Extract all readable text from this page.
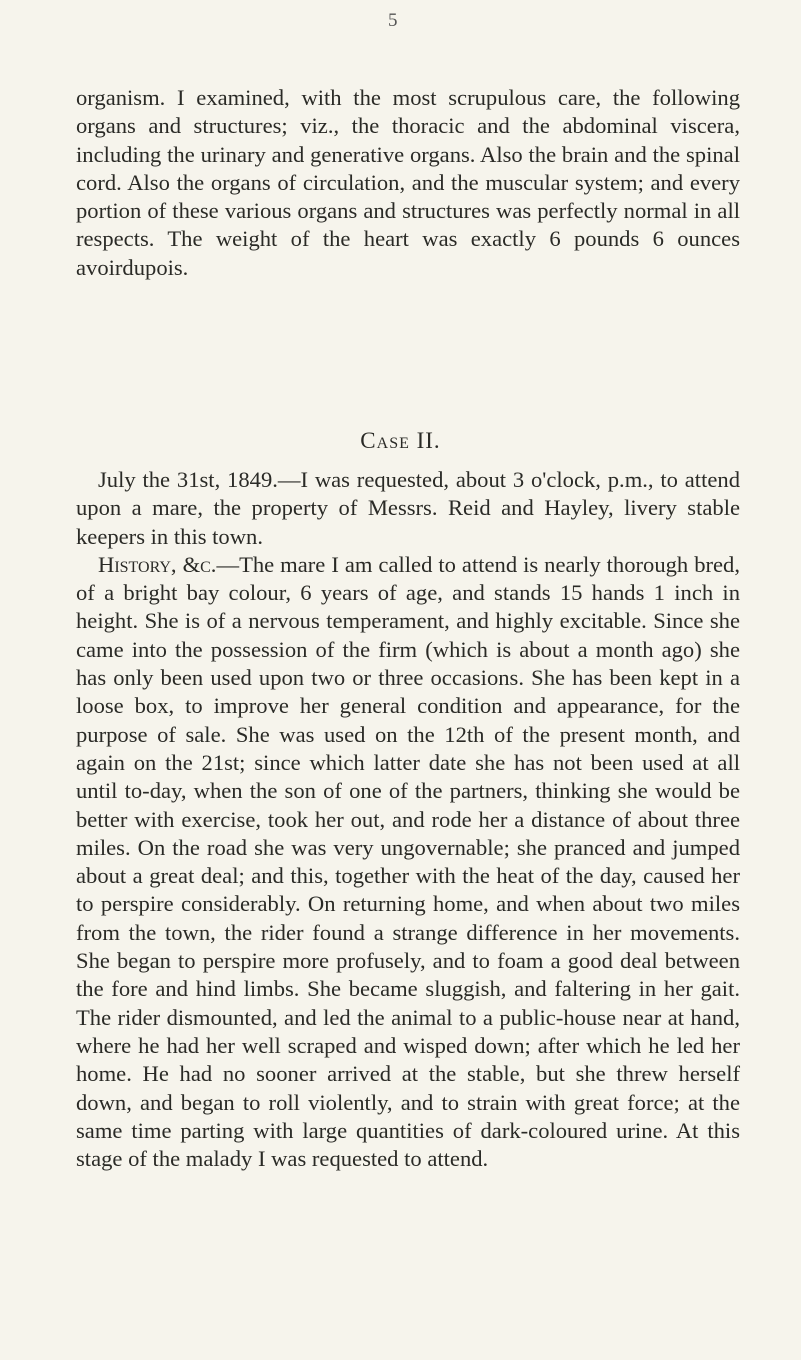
5

organism. I examined, with the most scrupulous care, the following organs and structures; viz., the thoracic and the abdominal viscera, including the urinary and generative organs. Also the brain and the spinal cord. Also the organs of circulation, and the muscular system; and every portion of these various organs and structures was perfectly normal in all respects. The weight of the heart was exactly 6 pounds 6 ounces avoirdupois.

Case II.

July the 31st, 1849.—I was requested, about 3 o'clock, p.m., to attend upon a mare, the property of Messrs. Reid and Hayley, livery stable keepers in this town.

History, &c.—The mare I am called to attend is nearly thorough bred, of a bright bay colour, 6 years of age, and stands 15 hands 1 inch in height. She is of a nervous temperament, and highly excitable. Since she came into the possession of the firm (which is about a month ago) she has only been used upon two or three occasions. She has been kept in a loose box, to improve her general condition and appearance, for the purpose of sale. She was used on the 12th of the present month, and again on the 21st; since which latter date she has not been used at all until to-day, when the son of one of the partners, thinking she would be better with exercise, took her out, and rode her a distance of about three miles. On the road she was very ungovernable; she pranced and jumped about a great deal; and this, together with the heat of the day, caused her to perspire considerably. On returning home, and when about two miles from the town, the rider found a strange difference in her movements. She began to perspire more profusely, and to foam a good deal between the fore and hind limbs. She became sluggish, and faltering in her gait. The rider dismounted, and led the animal to a public-house near at hand, where he had her well scraped and wisped down; after which he led her home. He had no sooner arrived at the stable, but she threw herself down, and began to roll violently, and to strain with great force; at the same time parting with large quantities of dark-coloured urine. At this stage of the malady I was requested to attend.
